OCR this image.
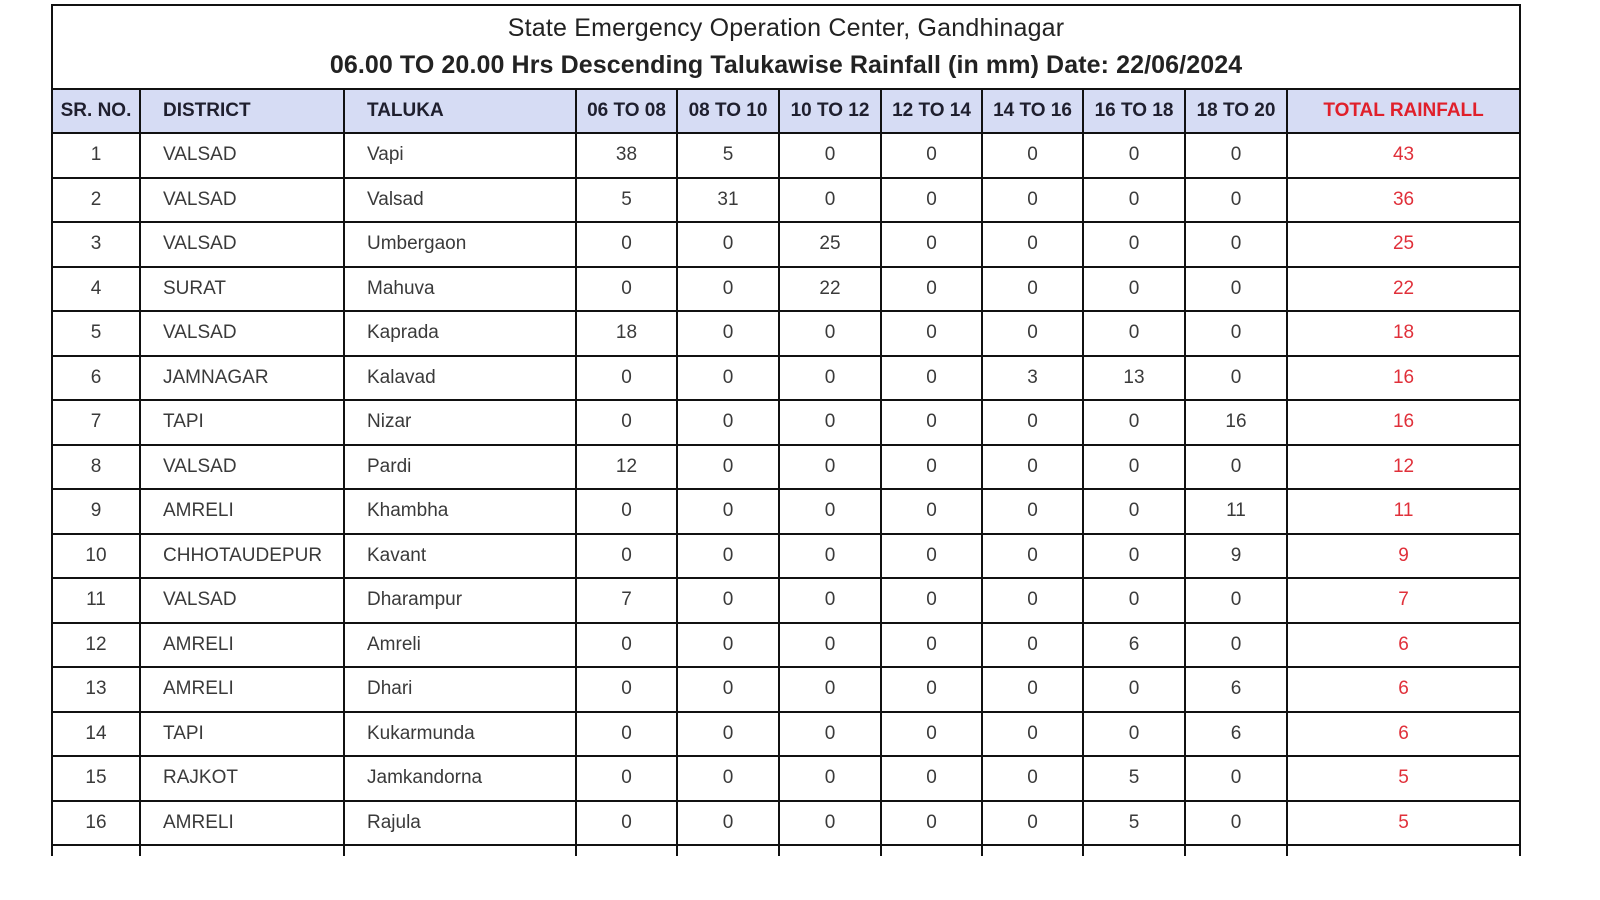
State Emergency Operation Center, Gandhinagar
06.00 TO 20.00 Hrs Descending Talukawise Rainfall (in mm) Date: 22/06/2024										

SR. NO.	DISTRICT	TALUKA	06 TO 08	08 TO 10	10 TO 12	12 TO 14	14 TO 16	16 TO 18	18 TO 20	TOTAL RAINFALL
1	VALSAD	Vapi	38	5	0	0	0	0	0	43
2	VALSAD	Valsad	5	31	0	0	0	0	0	36
3	VALSAD	Umbergaon	0	0	25	0	0	0	0	25
4	SURAT	Mahuva	0	0	22	0	0	0	0	22
5	VALSAD	Kaprada	18	0	0	0	0	0	0	18
6	JAMNAGAR	Kalavad	0	0	0	0	3	13	0	16
7	TAPI	Nizar	0	0	0	0	0	0	16	16
8	VALSAD	Pardi	12	0	0	0	0	0	0	12
9	AMRELI	Khambha	0	0	0	0	0	0	11	11
10	CHHOTAUDEPUR	Kavant	0	0	0	0	0	0	9	9
11	VALSAD	Dharampur	7	0	0	0	0	0	0	7
12	AMRELI	Amreli	0	0	0	0	0	6	0	6
13	AMRELI	Dhari	0	0	0	0	0	0	6	6
14	TAPI	Kukarmunda	0	0	0	0	0	0	6	6
15	RAJKOT	Jamkandorna	0	0	0	0	0	5	0	5
16	AMRELI	Rajula	0	0	0	0	0	5	0	5
